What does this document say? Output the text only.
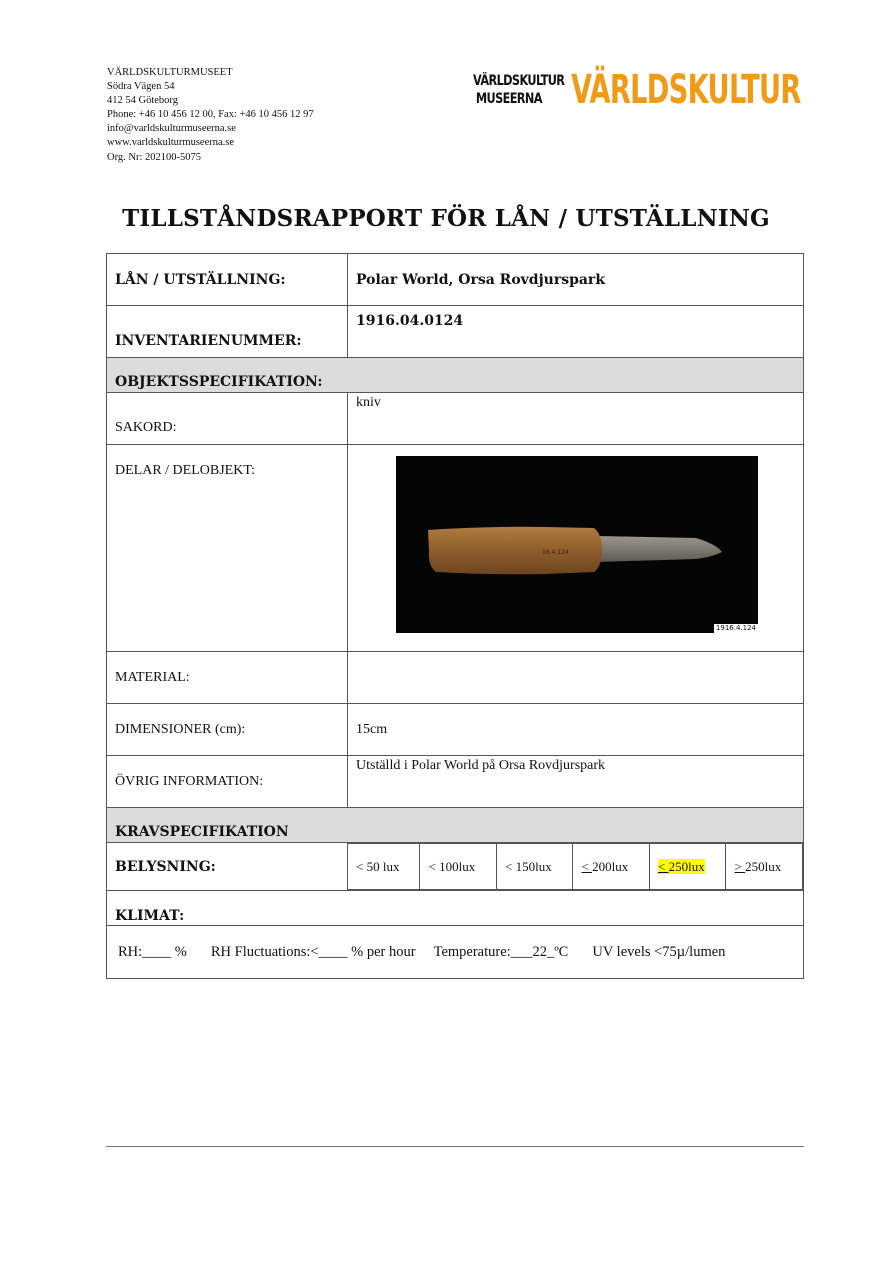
VÄRLDSKULTURMUSEET
Södra Vägen 54
412 54 Göteborg
Phone: +46 10 456 12 00, Fax: +46 10 456 12 97
info@varldskulturmuseerna.se
www.varldskulturmuseerna.se
Org. Nr: 202100-5075
VÄRLDSKULTUR
MUSEERNA VÄRLDSKULTUR
TILLSTÅNDSRAPPORT FÖR LÅN / UTSTÄLLNING
LÅN / UTSTÄLLNING:	Polar World, Orsa Rovdjurspark
INVENTARIENUMMER:	1916.04.0124
OBJEKTSSPECIFIKATION:
SAKORD:	kniv
DELAR / DELOBJEKT:	
16.4.124
1916.4.124

MATERIAL:	
DIMENSIONER (cm):	15cm
ÖVRIG INFORMATION:	Utställd i Polar World på Orsa Rovdjurspark
KRAVSPECIFIKATION
BELYSNING:		< 50 lux	< 100lux	< 150lux	< 200lux	< 250lux	> 250lux

KLIMAT:

RH:____ % RH Fluctuations:<____ % per hour Temperature:___22_ºC UV levels <75µ/lumen
